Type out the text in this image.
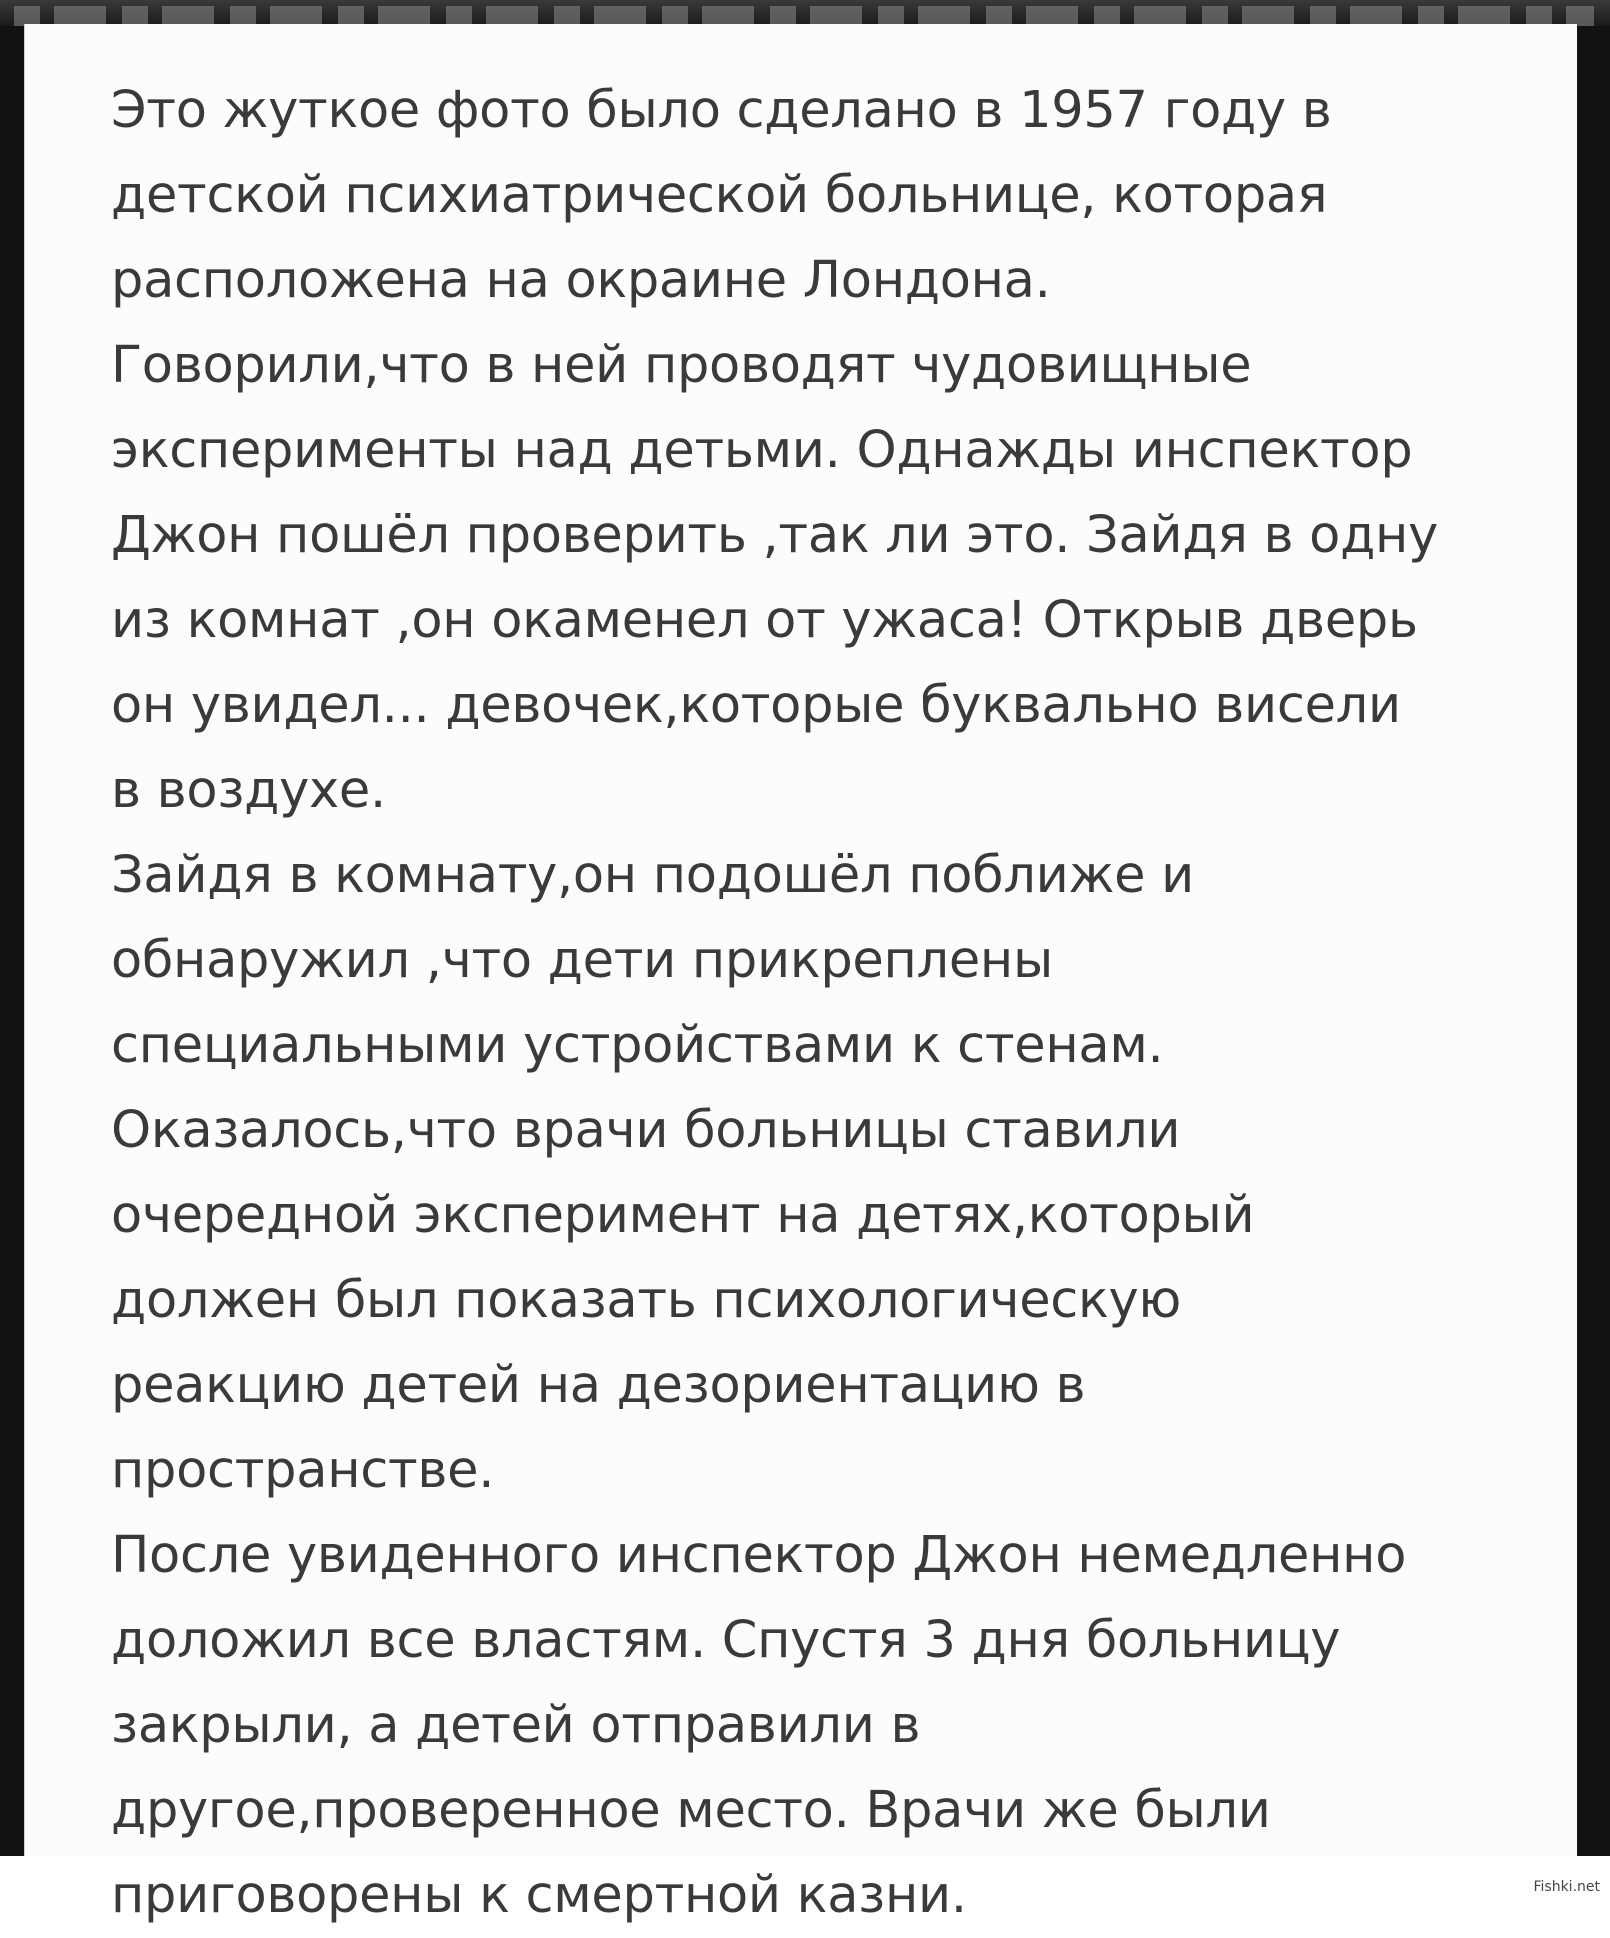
Это жуткое фото было сделано в 1957 году в
детской психиатрической больнице, которая
расположена на окраине Лондона.
Говорили,что в ней проводят чудовищные
эксперименты над детьми. Однажды инспектор
Джон пошёл проверить ,так ли это. Зайдя в одну
из комнат ,он окаменел от ужаса! Открыв дверь
он увидел... девочек,которые буквально висели
в воздухе.
Зайдя в комнату,он подошёл поближе и
обнаружил ,что дети прикреплены
специальными устройствами к стенам.
Оказалось,что врачи больницы ставили
очередной эксперимент на детях,который
должен был показать психологическую
реакцию детей на дезориентацию в
пространстве.
После увиденного инспектор Джон немедленно
доложил все властям. Спустя 3 дня больницу
закрыли, а детей отправили в
другое,проверенное место. Врачи же были
приговорены к смертной казни.	Fishki.net
